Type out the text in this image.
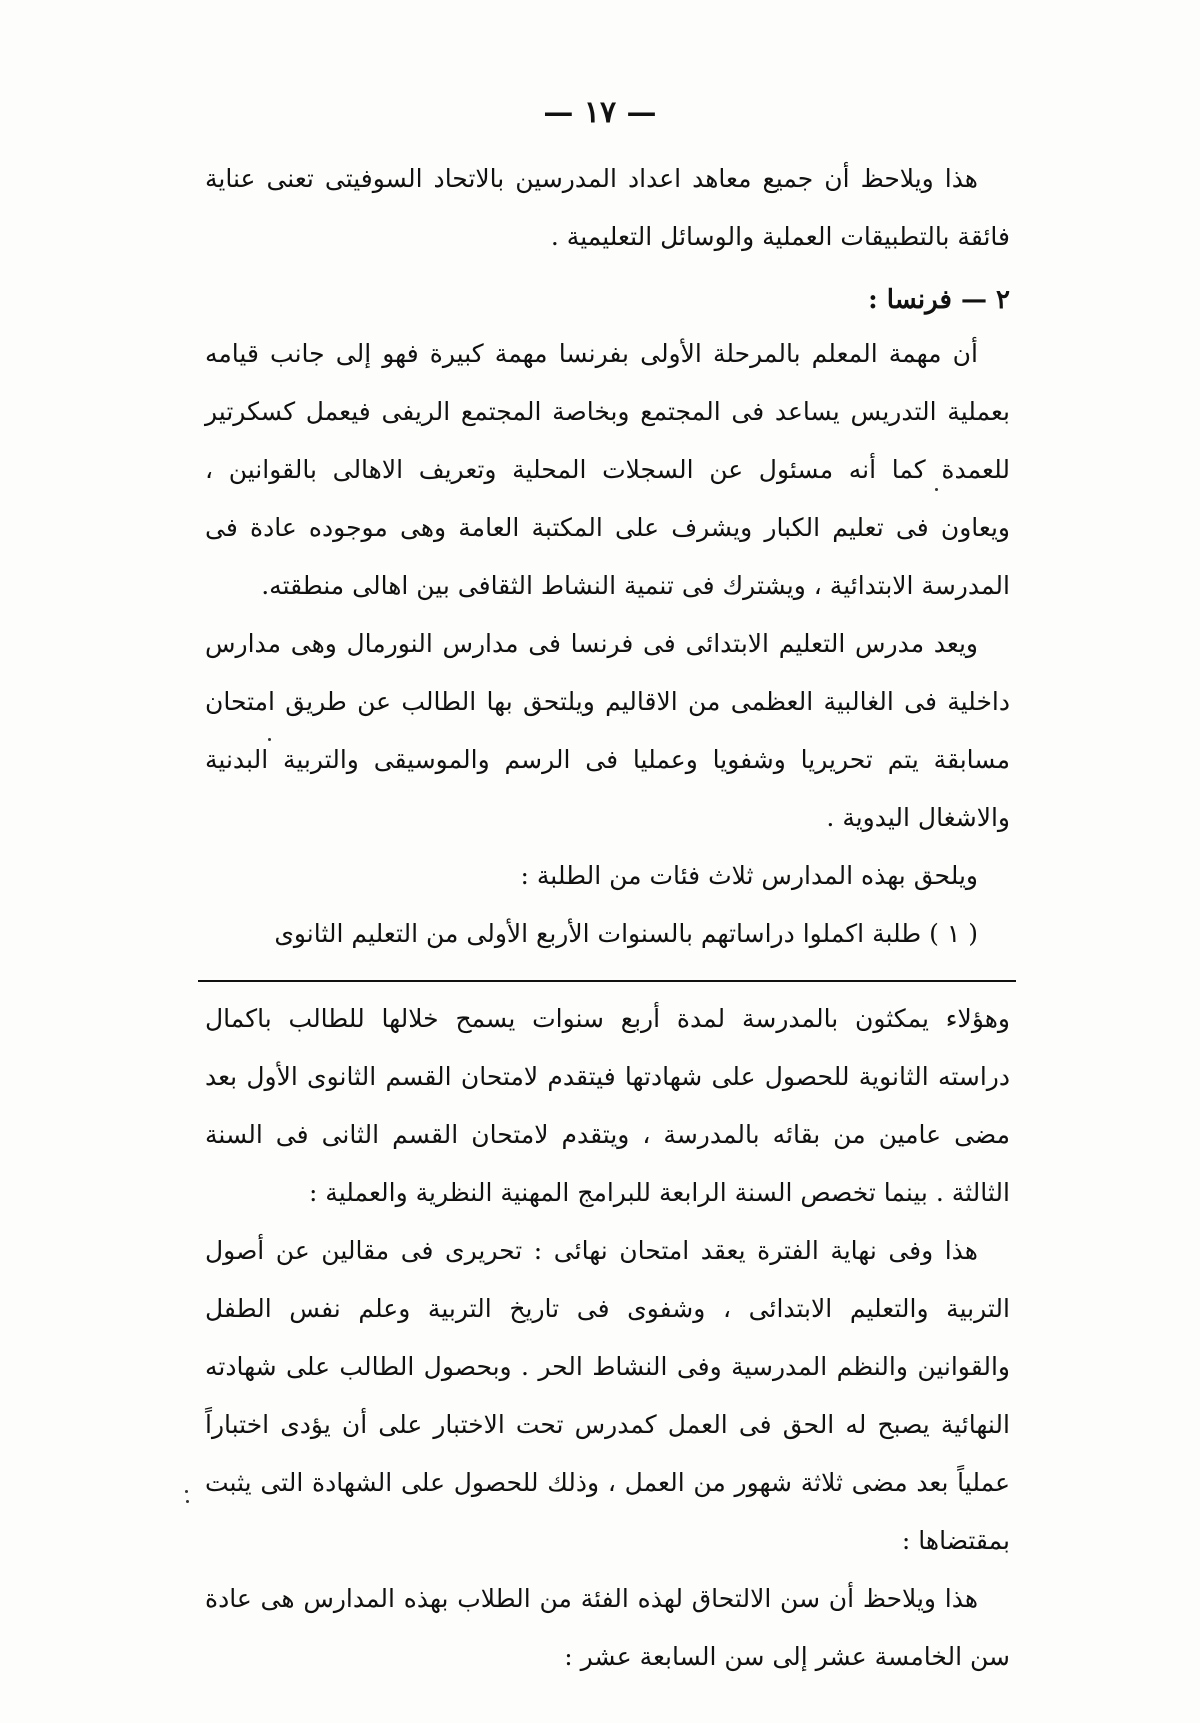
— ١٧ —

هذا ويلاحظ أن جميع معاهد اعداد المدرسين بالاتحاد السوفيتى تعنى عناية فائقة بالتطبيقات العملية والوسائل التعليمية .

٢ — فرنسا :

أن مهمة المعلم بالمرحلة الأولى بفرنسا مهمة كبيرة فهو إلى جانب قيامه بعملية التدريس يساعد فى المجتمع وبخاصة المجتمع الريفى فيعمل كسكرتير للعمدة كما أنه مسئول عن السجلات المحلية وتعريف الاهالى بالقوانين ، ويعاون فى تعليم الكبار ويشرف على المكتبة العامة وهى موجوده عادة فى المدرسة الابتدائية ، ويشترك فى تنمية النشاط الثقافى بين اهالى منطقته.

ويعد مدرس التعليم الابتدائى فى فرنسا فى مدارس النورمال وهى مدارس داخلية فى الغالبية العظمى من الاقاليم ويلتحق بها الطالب عن طريق امتحان مسابقة يتم تحريريا وشفويا وعمليا فى الرسم والموسيقى والتربية البدنية والاشغال اليدوية .

ويلحق بهذه المدارس ثلاث فئات من الطلبة :

( ١ ) طلبة اكملوا دراساتهم بالسنوات الأربع الأولى من التعليم الثانوى

وهؤلاء يمكثون بالمدرسة لمدة أربع سنوات يسمح خلالها للطالب باكمال دراسته الثانوية للحصول على شهادتها فيتقدم لامتحان القسم الثانوى الأول بعد مضى عامين من بقائه بالمدرسة ، ويتقدم لامتحان القسم الثانى فى السنة الثالثة . بينما تخصص السنة الرابعة للبرامج المهنية النظرية والعملية :

هذا وفى نهاية الفترة يعقد امتحان نهائى : تحريرى فى مقالين عن أصول التربية والتعليم الابتدائى ، وشفوى فى تاريخ التربية وعلم نفس الطفل والقوانين والنظم المدرسية وفى النشاط الحر . وبحصول الطالب على شهادته النهائية يصبح له الحق فى العمل كمدرس تحت الاختبار على أن يؤدى اختباراً عملياً بعد مضى ثلاثة شهور من العمل ، وذلك للحصول على الشهادة التى يثبت بمقتضاها :

هذا ويلاحظ أن سن الالتحاق لهذه الفئة من الطلاب بهذه المدارس هى عادة سن الخامسة عشر إلى سن السابعة عشر :
